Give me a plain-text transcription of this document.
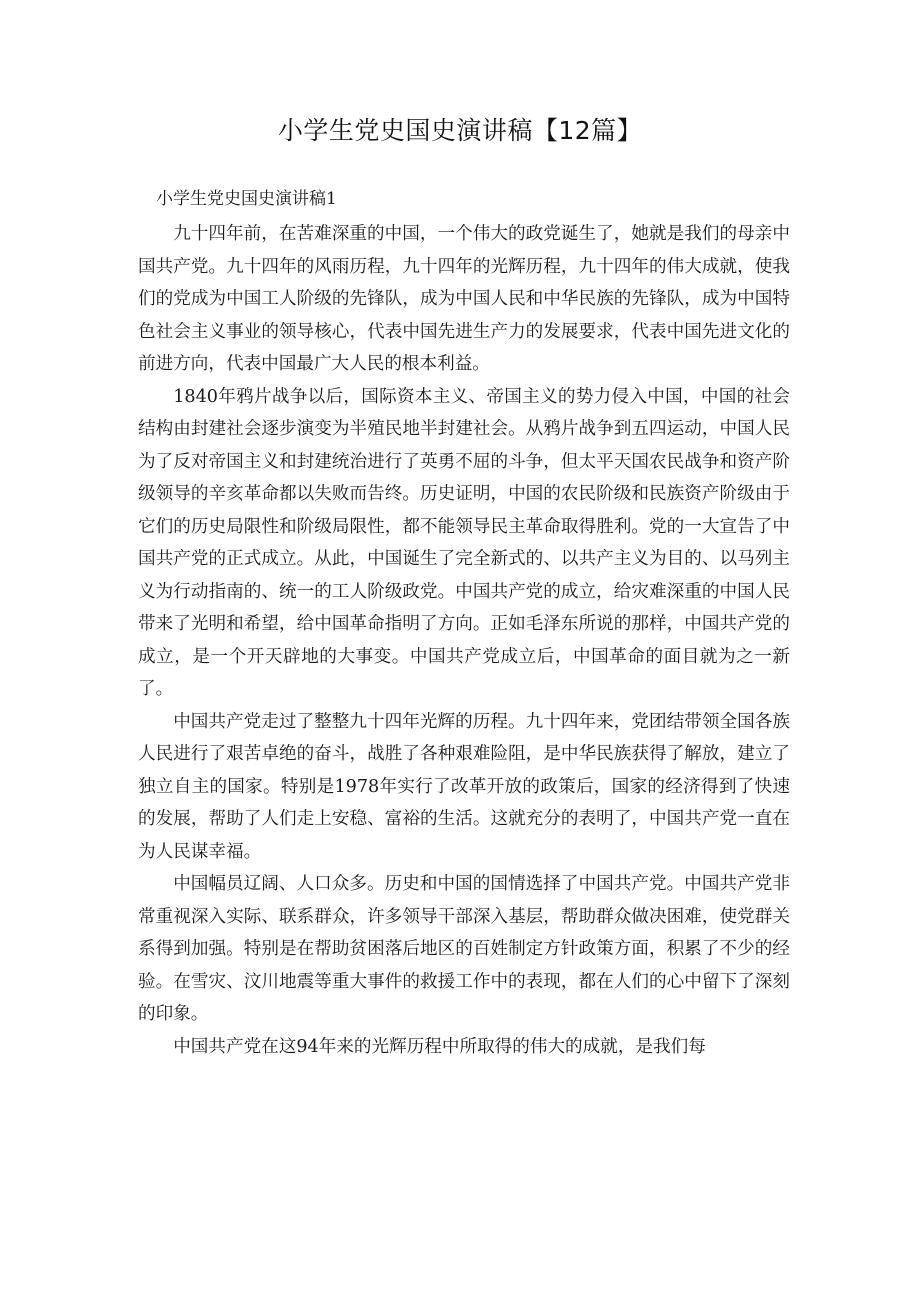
小学生党史国史演讲稿【12篇】
小学生党史国史演讲稿1

九十四年前，在苦难深重的中国，一个伟大的政党诞生了，她就是我们的母亲中国共产党。九十四年的风雨历程，九十四年的光辉历程，九十四年的伟大成就，使我们的党成为中国工人阶级的先锋队，成为中国人民和中华民族的先锋队，成为中国特色社会主义事业的领导核心，代表中国先进生产力的发展要求，代表中国先进文化的前进方向，代表中国最广大人民的根本利益。

1840年鸦片战争以后，国际资本主义、帝国主义的势力侵入中国，中国的社会结构由封建社会逐步演变为半殖民地半封建社会。从鸦片战争到五四运动，中国人民为了反对帝国主义和封建统治进行了英勇不屈的斗争，但太平天国农民战争和资产阶级领导的辛亥革命都以失败而告终。历史证明，中国的农民阶级和民族资产阶级由于它们的历史局限性和阶级局限性，都不能领导民主革命取得胜利。党的一大宣告了中国共产党的正式成立。从此，中国诞生了完全新式的、以共产主义为目的、以马列主义为行动指南的、统一的工人阶级政党。中国共产党的成立，给灾难深重的中国人民带来了光明和希望，给中国革命指明了方向。正如毛泽东所说的那样，中国共产党的成立，是一个开天辟地的大事变。中国共产党成立后，中国革命的面目就为之一新了。

中国共产党走过了整整九十四年光辉的历程。九十四年来，党团结带领全国各族人民进行了艰苦卓绝的奋斗，战胜了各种艰难险阻，是中华民族获得了解放，建立了独立自主的国家。特别是1978年实行了改革开放的政策后，国家的经济得到了快速的发展，帮助了人们走上安稳、富裕的生活。这就充分的表明了，中国共产党一直在为人民谋幸福。

中国幅员辽阔、人口众多。历史和中国的国情选择了中国共产党。中国共产党非常重视深入实际、联系群众，许多领导干部深入基层，帮助群众做决困难，使党群关系得到加强。特别是在帮助贫困落后地区的百姓制定方针政策方面，积累了不少的经验。在雪灾、汶川地震等重大事件的救援工作中的表现，都在人们的心中留下了深刻的印象。

中国共产党在这94年来的光辉历程中所取得的伟大的成就，是我们每
